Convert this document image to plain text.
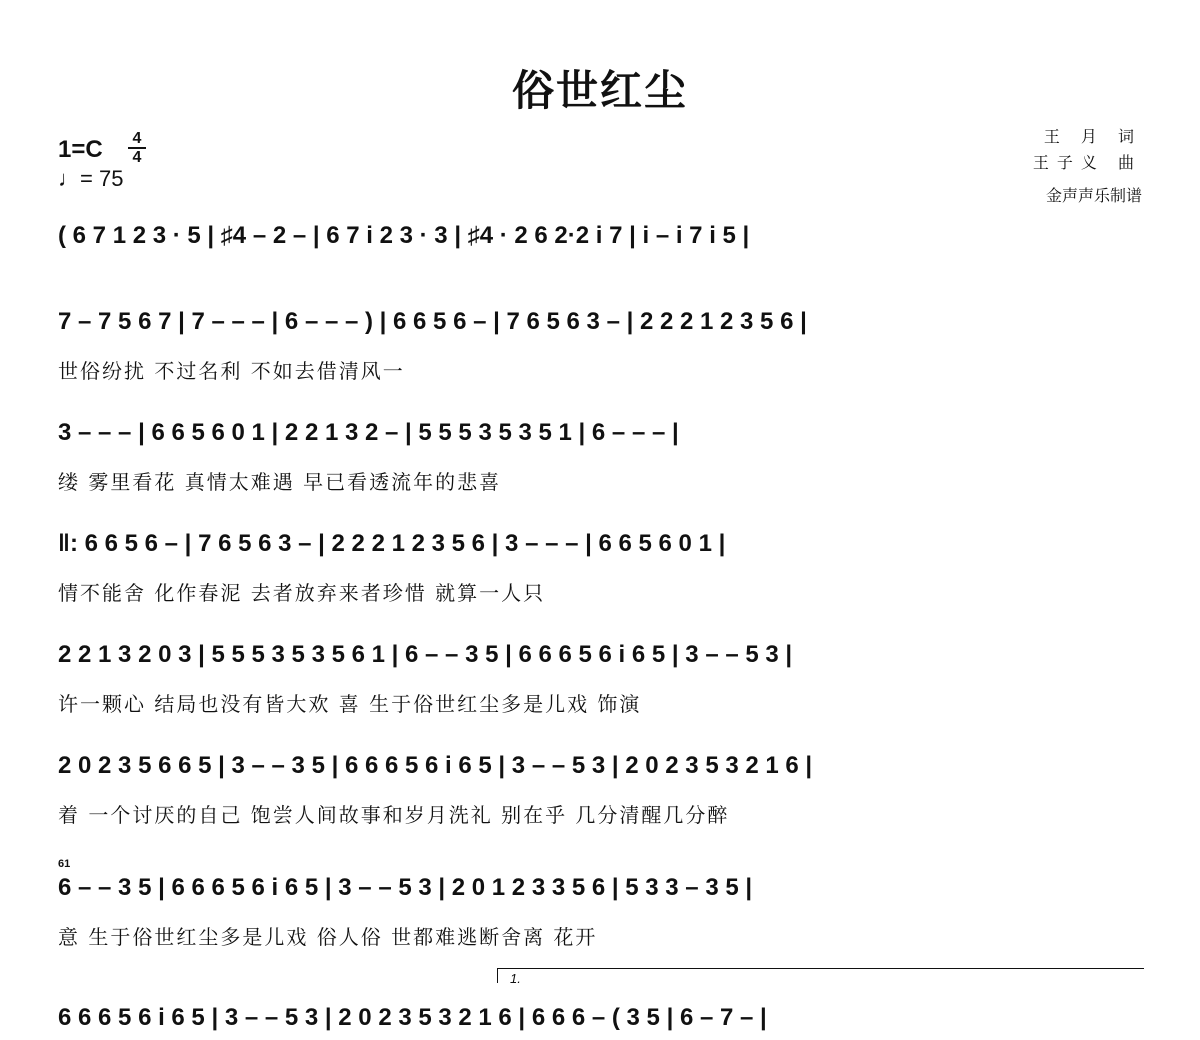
俗世红尘
1=C	4
4
♩= 75
王 月 词
王子义 曲
金声声乐制谱
( 6 7 1 2 3 · 5 | ♯4 – 2 – | 6 7 i 2 3 · 3 | ♯4 · 2 6 2·2 i 7 | i – i 7 i 5 |
7 – 7 5 6 7 | 7 – – – | 6 – – – ) | 6 6 5 6 – | 7 6 5 6 3 – | 2 2 2 1 2 3 5 6 |
世俗纷扰 不过名利 不如去借清风一
3 – – – | 6 6 5 6 0 1 | 2 2 1 3 2 – | 5 5 5 3 5 3 5 1 | 6 – – – |
缕 雾里看花 真情太难遇 早已看透流年的悲喜
‖: 6 6 5 6 – | 7 6 5 6 3 – | 2 2 2 1 2 3 5 6 | 3 – – – | 6 6 5 6 0 1 |
情不能舍 化作春泥 去者放弃来者珍惜 就算一人只
2 2 1 3 2 0 3 | 5 5 5 3 5 3 5 6 1 | 6 – – 3 5 | 6 6 6 5 6 i 6 5 | 3 – – 5 3 |
许一颗心 结局也没有皆大欢 喜 生于俗世红尘多是儿戏 饰演
2 0 2 3 5 6 6 5 | 3 – – 3 5 | 6 6 6 5 6 i 6 5 | 3 – – 5 3 | 2 0 2 3 5 3 2 1 6 |
着 一个讨厌的自己 饱尝人间故事和岁月洗礼 别在乎 几分清醒几分醉
61
6 – – 3 5 | 6 6 6 5 6 i 6 5 | 3 – – 5 3 | 2 0 1 2 3 3 5 6 | 5 3 3 – 3 5 |
意 生于俗世红尘多是儿戏 俗人俗 世都难逃断舍离 花开
1.
6 6 6 5 6 i 6 5 | 3 – – 5 3 | 2 0 2 3 5 3 2 1 6 | 6 6 6 – ( 3 5 | 6 – 7 – |
